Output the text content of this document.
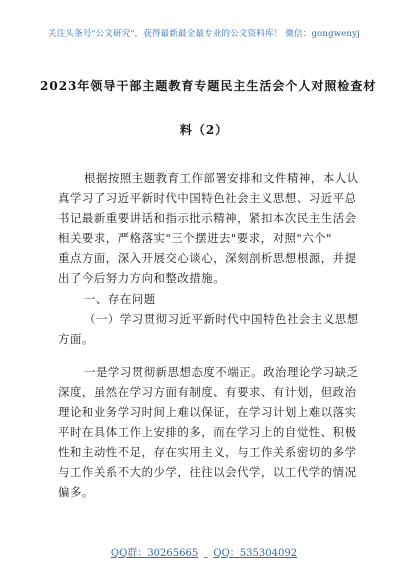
关注头条号"公文研究"，获得最新最全最专业的公文资料库！ 微信：gongwenyj
2023年领导干部主题教育专题民主生活会个人对照检查材
料（2）
根据按照主题教育工作部署安排和文件精神，本人认
真学习了习近平新时代中国特色社会主义思想、习近平总
书记最新重要讲话和指示批示精神，紧扣本次民主生活会
相关要求，严格落实"三个摆进去"要求，对照"六个"
重点方面，深入开展交心谈心，深刻剖析思想根源，并提
出了今后努力方向和整改措施。
一、存在问题
（一）学习贯彻习近平新时代中国特色社会主义思想
方面。
一是学习贯彻新思想态度不端正。政治理论学习缺乏
深度，虽然在学习方面有制度、有要求、有计划，但政治
理论和业务学习时间上难以保证，在学习计划上难以落实
平时在具体工作上安排的多，而在学习上的自觉性、积极
性和主动性不足，存在实用主义，与工作关系密切的多学
与工作关系不大的少学，往往以会代学，以工代学的情况
偏多。
QQ群：30265665 QQ：535304092
